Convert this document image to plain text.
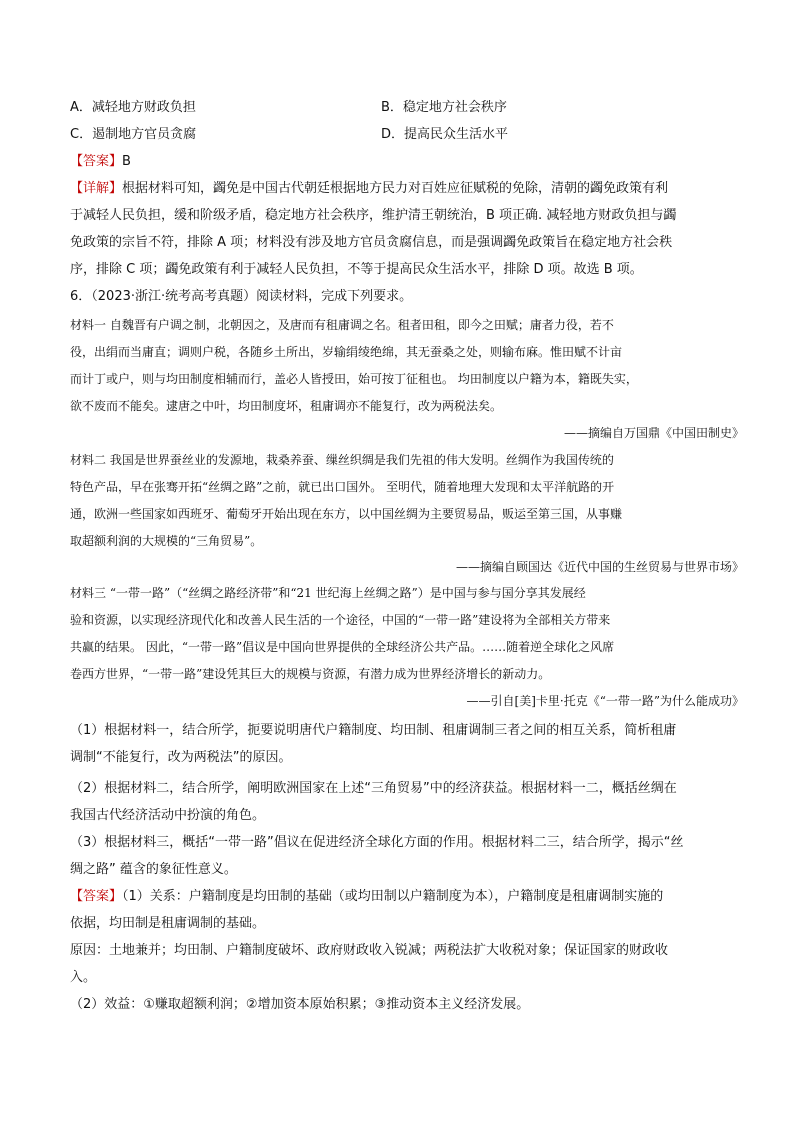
A．减轻地方财政负担	B．稳定地方社会秩序
C．遏制地方官员贪腐	D．提高民众生活水平
【答案】B
【详解】根据材料可知，蠲免是中国古代朝廷根据地方民力对百姓应征赋税的免除，清朝的蠲免政策有利
于减轻人民负担，缓和阶级矛盾，稳定地方社会秩序，维护清王朝统治，B 项正确. 减轻地方财政负担与蠲
免政策的宗旨不符，排除 A 项；材料没有涉及地方官员贪腐信息，而是强调蠲免政策旨在稳定地方社会秩
序，排除 C 项；蠲免政策有利于减轻人民负担，不等于提高民众生活水平，排除 D 项。故选 B 项。
6．（2023·浙江·统考高考真题）阅读材料，完成下列要求。
材料一 自魏晋有户调之制，北朝因之，及唐而有租庸调之名。租者田租，即今之田赋；庸者力役，若不
役，出绢而当庸直；调则户税，各随乡土所出，岁输绢绫绝绵，其无蚕桑之处，则输布麻。惟田赋不计亩
而计丁或户，则与均田制度相辅而行，盖必人皆授田，始可按丁征租也。 均田制度以户籍为本，籍既失实，
欲不废而不能矣。逮唐之中叶，均田制度坏，租庸调亦不能复行，改为两税法矣。
——摘编自万国鼎《中国田制史》
材料二 我国是世界蚕丝业的发源地，栽桑养蚕、缫丝织绸是我们先祖的伟大发明。丝绸作为我国传统的
特色产品，早在张骞开拓“丝绸之路”之前，就已出口国外。 至明代，随着地理大发现和太平洋航路的开
通，欧洲一些国家如西班牙、葡萄牙开始出现在东方，以中国丝绸为主要贸易品，贩运至第三国，从事赚
取超额利润的大规模的“三角贸易”。
——摘编自顾国达《近代中国的生丝贸易与世界市场》
材料三 “一带一路”（“丝绸之路经济带”和“21 世纪海上丝绸之路”）是中国与参与国分享其发展经
验和资源，以实现经济现代化和改善人民生活的一个途径，中国的“一带一路”建设将为全部相关方带来
共赢的结果。 因此，“一带一路”倡议是中国向世界提供的全球经济公共产品。……随着逆全球化之风席
卷西方世界，“一带一路”建设凭其巨大的规模与资源，有潜力成为世界经济增长的新动力。
——引自[美]卡里·托克《“一带一路”为什么能成功》
（1）根据材料一，结合所学，扼要说明唐代户籍制度、均田制、租庸调制三者之间的相互关系，简析租庸
调制“不能复行，改为两税法”的原因。
（2）根据材料二，结合所学，阐明欧洲国家在上述“三角贸易”中的经济获益。根据材料一二，概括丝绸在
我国古代经济活动中扮演的角色。
（3）根据材料三，概括“一带一路”倡议在促进经济全球化方面的作用。根据材料二三，结合所学，揭示“丝
绸之路” 蕴含的象征性意义。
【答案】（1）关系：户籍制度是均田制的基础（或均田制以户籍制度为本），户籍制度是租庸调制实施的
依据，均田制是租庸调制的基础。
原因：土地兼并；均田制、户籍制度破坏、政府财政收入锐减；两税法扩大收税对象；保证国家的财政收
入。
（2）效益：①赚取超额利润；②增加资本原始积累；③推动资本主义经济发展。
